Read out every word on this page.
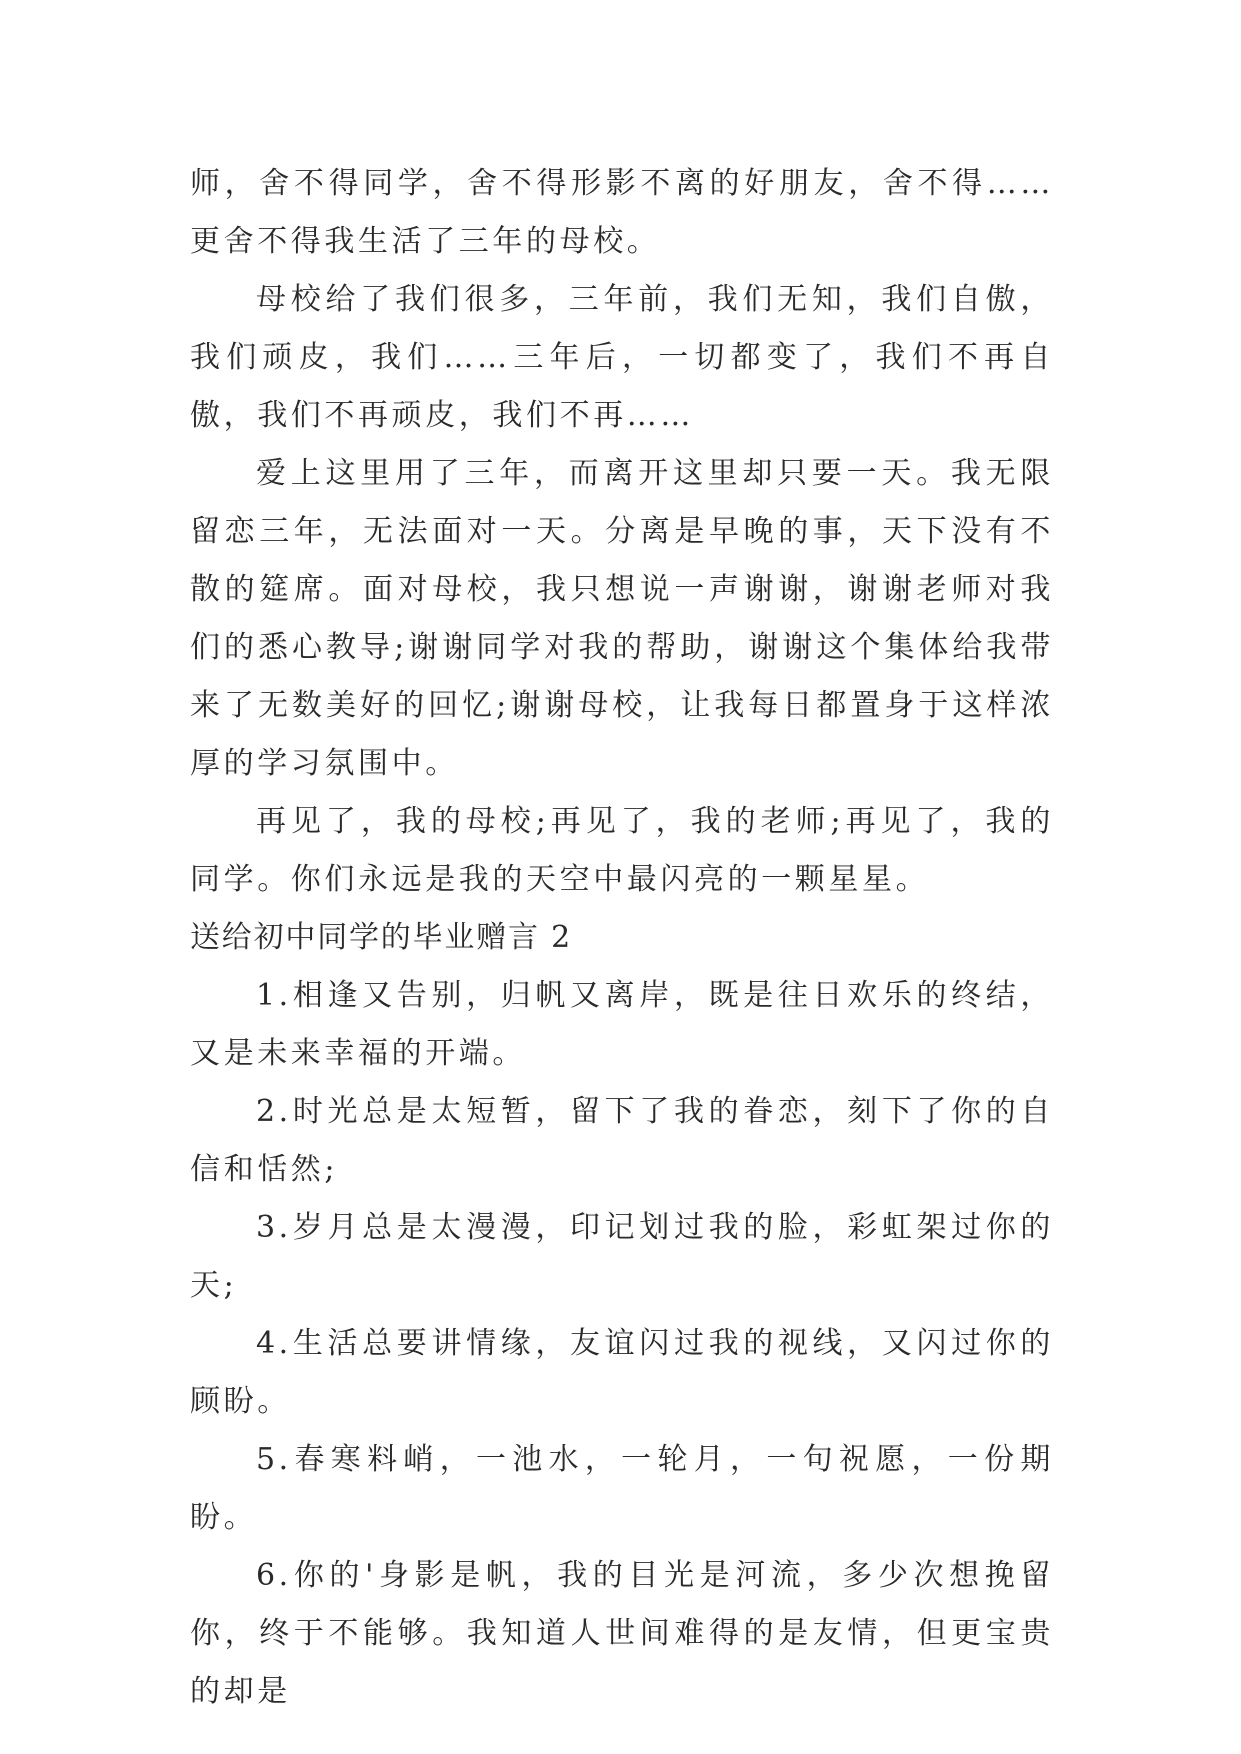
师，舍不得同学，舍不得形影不离的好朋友，舍不得……更舍不得我生活了三年的母校。

母校给了我们很多，三年前，我们无知，我们自傲，我们顽皮，我们……三年后，一切都变了，我们不再自傲，我们不再顽皮，我们不再……

爱上这里用了三年，而离开这里却只要一天。我无限留恋三年，无法面对一天。分离是早晚的事，天下没有不散的筵席。面对母校，我只想说一声谢谢，谢谢老师对我们的悉心教导;谢谢同学对我的帮助，谢谢这个集体给我带来了无数美好的回忆;谢谢母校，让我每日都置身于这样浓厚的学习氛围中。

再见了，我的母校;再见了，我的老师;再见了，我的同学。你们永远是我的天空中最闪亮的一颗星星。

送给初中同学的毕业赠言 2

1.相逢又告别，归帆又离岸，既是往日欢乐的终结，又是未来幸福的开端。

2.时光总是太短暂，留下了我的眷恋，刻下了你的自信和恬然;

3.岁月总是太漫漫，印记划过我的脸，彩虹架过你的天;

4.生活总要讲情缘，友谊闪过我的视线，又闪过你的顾盼。

5.春寒料峭，一池水，一轮月，一句祝愿，一份期盼。

6.你的'身影是帆，我的目光是河流，多少次想挽留你，终于不能够。我知道人世间难得的是友情，但更宝贵的却是
